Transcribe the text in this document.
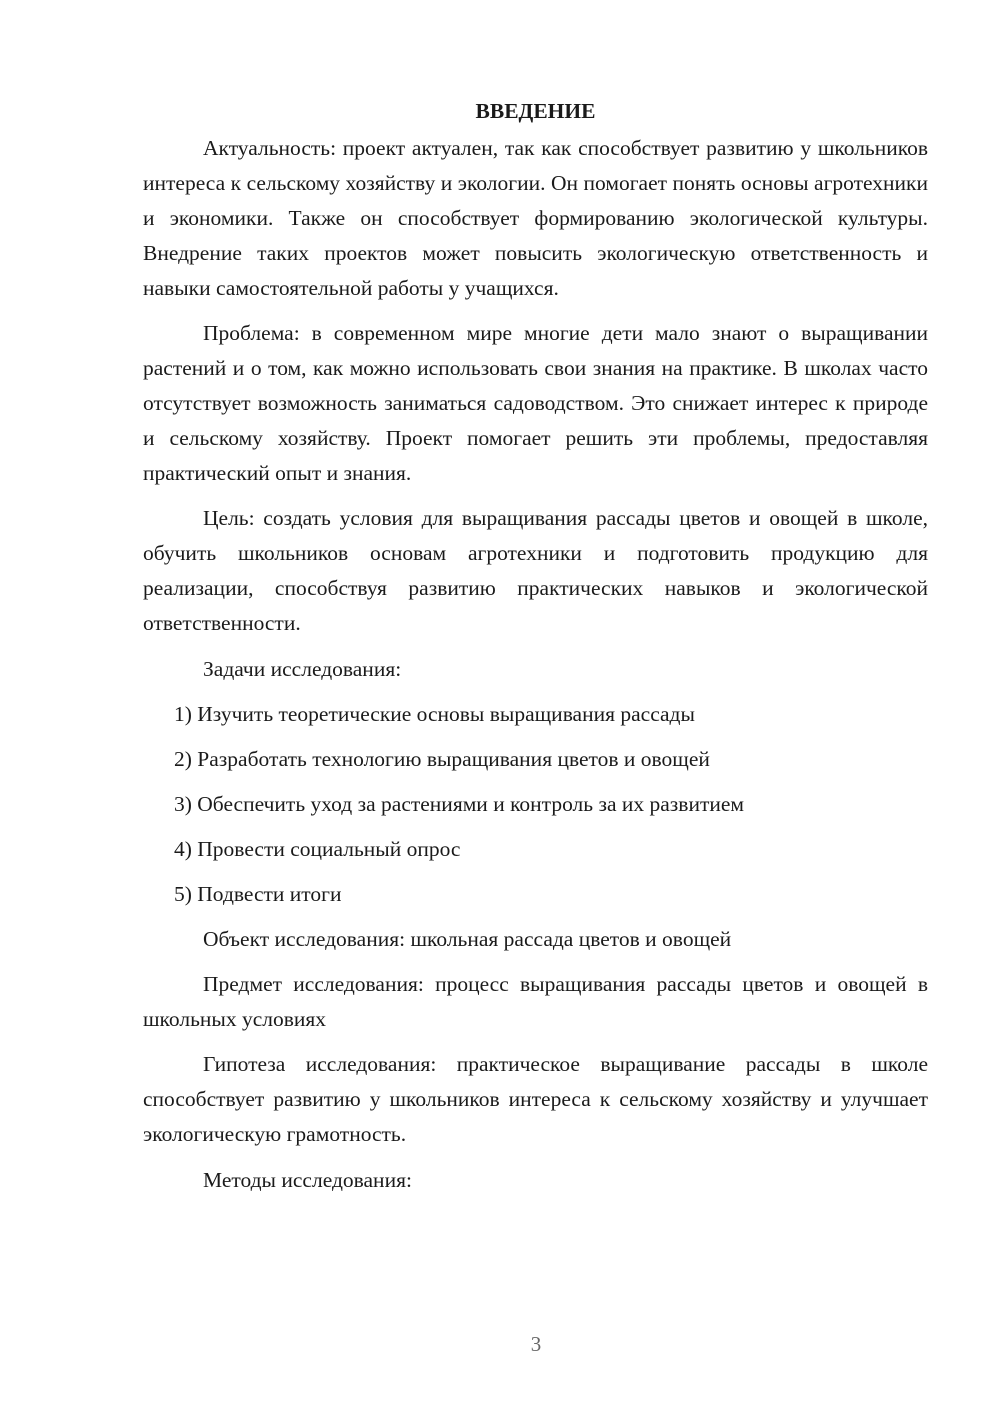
ВВЕДЕНИЕ

Актуальность: проект актуален, так как способствует развитию у школьников интереса к сельскому хозяйству и экологии. Он помогает понять основы агротехники и экономики. Также он способствует формированию экологической культуры. Внедрение таких проектов может повысить экологическую ответственность и навыки самостоятельной работы у учащихся.

Проблема: в современном мире многие дети мало знают о выращивании растений и о том, как можно использовать свои знания на практике. В школах часто отсутствует возможность заниматься садоводством. Это снижает интерес к природе и сельскому хозяйству. Проект помогает решить эти проблемы, предоставляя практический опыт и знания.

Цель: создать условия для выращивания рассады цветов и овощей в школе, обучить школьников основам агротехники и подготовить продукцию для реализации, способствуя развитию практических навыков и экологической ответственности.

Задачи исследования:

1) Изучить теоретические основы выращивания рассады
2) Разработать технологию выращивания цветов и овощей
3) Обеспечить уход за растениями и контроль за их развитием
4) Провести социальный опрос
5) Подвести итоги

Объект исследования: школьная рассада цветов и овощей

Предмет исследования: процесс выращивания рассады цветов и овощей в школьных условиях

Гипотеза исследования: практическое выращивание рассады в школе способствует развитию у школьников интереса к сельскому хозяйству и улучшает экологическую грамотность.

Методы исследования:

3
